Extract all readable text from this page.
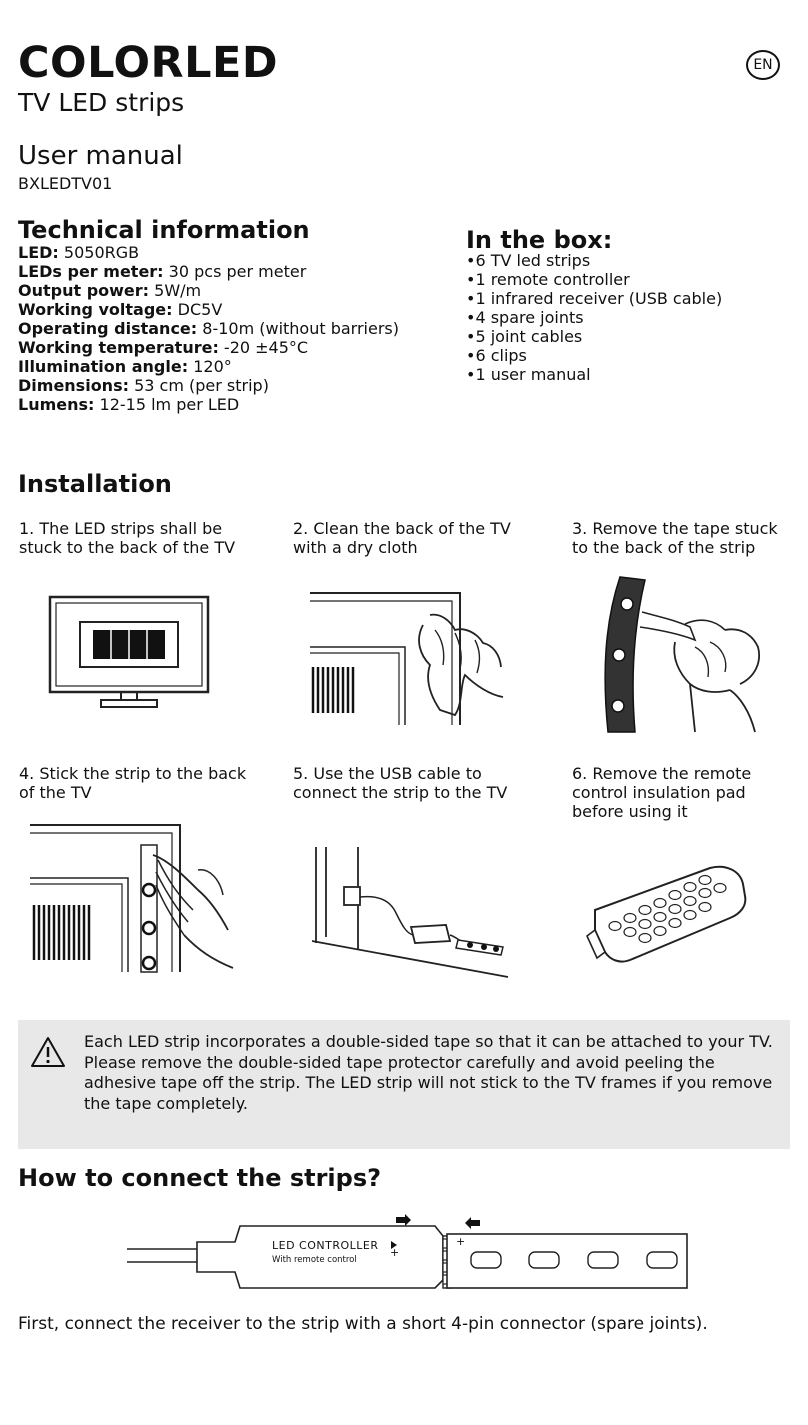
COLORLED
TV LED strips
EN
User manual
BXLEDTV01
Technical information
LED: 5050RGB
LEDs per meter: 30 pcs per meter
Output power: 5W/m
Working voltage: DC5V
Operating distance: 8-10m (without barriers)
Working temperature: -20 ±45°C
Illumination angle: 120°
Dimensions: 53 cm (per strip)
Lumens: 12-15 lm per LED
In the box:
• 6 TV led strips
• 1 remote controller
• 1 infrared receiver (USB cable)
• 4 spare joints
• 5 joint cables
• 6 clips
• 1 user manual
Installation
1. The LED strips shall be stuck to the back of the TV
2. Clean the back of the TV with a dry cloth
3. Remove the tape stuck to the back of the strip
4. Stick the strip to the back of the TV
5. Use the USB cable to connect the strip to the TV
6. Remove the remote control insulation pad before using it
Each LED strip incorporates a double-sided tape so that it can be attached to your TV.
Please remove the double-sided tape protector carefully and avoid peeling the adhesive tape off the strip. The LED strip will not stick to the TV frames if you remove the tape completely.
How to connect the strips?
LED CONTROLLER
With remote control
+
+
First, connect the receiver to the strip with a short 4-pin connector (spare joints).
